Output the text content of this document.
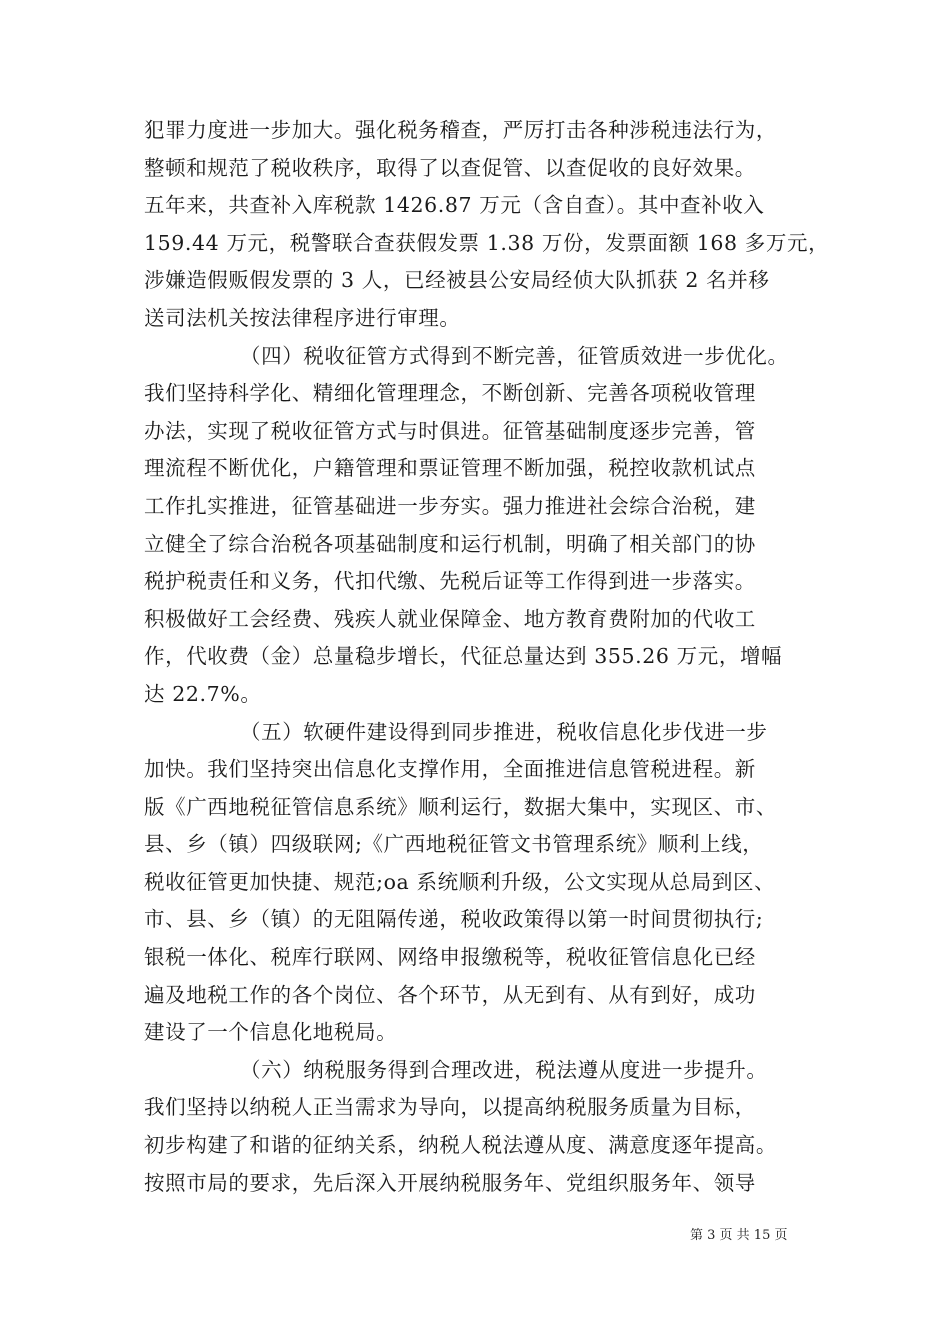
犯罪力度进一步加大。强化税务稽查，严厉打击各种涉税违法行为，
整顿和规范了税收秩序，取得了以查促管、以查促收的良好效果。
五年来，共查补入库税款 1426.87 万元（含自查）。其中查补收入
159.44 万元，税警联合查获假发票 1.38 万份，发票面额 168 多万元，
涉嫌造假贩假发票的 3 人，已经被县公安局经侦大队抓获 2 名并移
送司法机关按法律程序进行审理。
（四）税收征管方式得到不断完善，征管质效进一步优化。
我们坚持科学化、精细化管理理念，不断创新、完善各项税收管理
办法，实现了税收征管方式与时俱进。征管基础制度逐步完善，管
理流程不断优化，户籍管理和票证管理不断加强，税控收款机试点
工作扎实推进，征管基础进一步夯实。强力推进社会综合治税，建
立健全了综合治税各项基础制度和运行机制，明确了相关部门的协
税护税责任和义务，代扣代缴、先税后证等工作得到进一步落实。
积极做好工会经费、残疾人就业保障金、地方教育费附加的代收工
作，代收费（金）总量稳步增长，代征总量达到 355.26 万元，增幅
达 22.7%。
（五）软硬件建设得到同步推进，税收信息化步伐进一步
加快。我们坚持突出信息化支撑作用，全面推进信息管税进程。新
版《广西地税征管信息系统》顺利运行，数据大集中，实现区、市、
县、乡（镇）四级联网;《广西地税征管文书管理系统》顺利上线，
税收征管更加快捷、规范;oa 系统顺利升级，公文实现从总局到区、
市、县、乡（镇）的无阻隔传递，税收政策得以第一时间贯彻执行;
银税一体化、税库行联网、网络申报缴税等，税收征管信息化已经
遍及地税工作的各个岗位、各个环节，从无到有、从有到好，成功
建设了一个信息化地税局。
（六）纳税服务得到合理改进，税法遵从度进一步提升。
我们坚持以纳税人正当需求为导向，以提高纳税服务质量为目标，
初步构建了和谐的征纳关系，纳税人税法遵从度、满意度逐年提高。
按照市局的要求，先后深入开展纳税服务年、党组织服务年、领导
第 3 页 共 15 页
